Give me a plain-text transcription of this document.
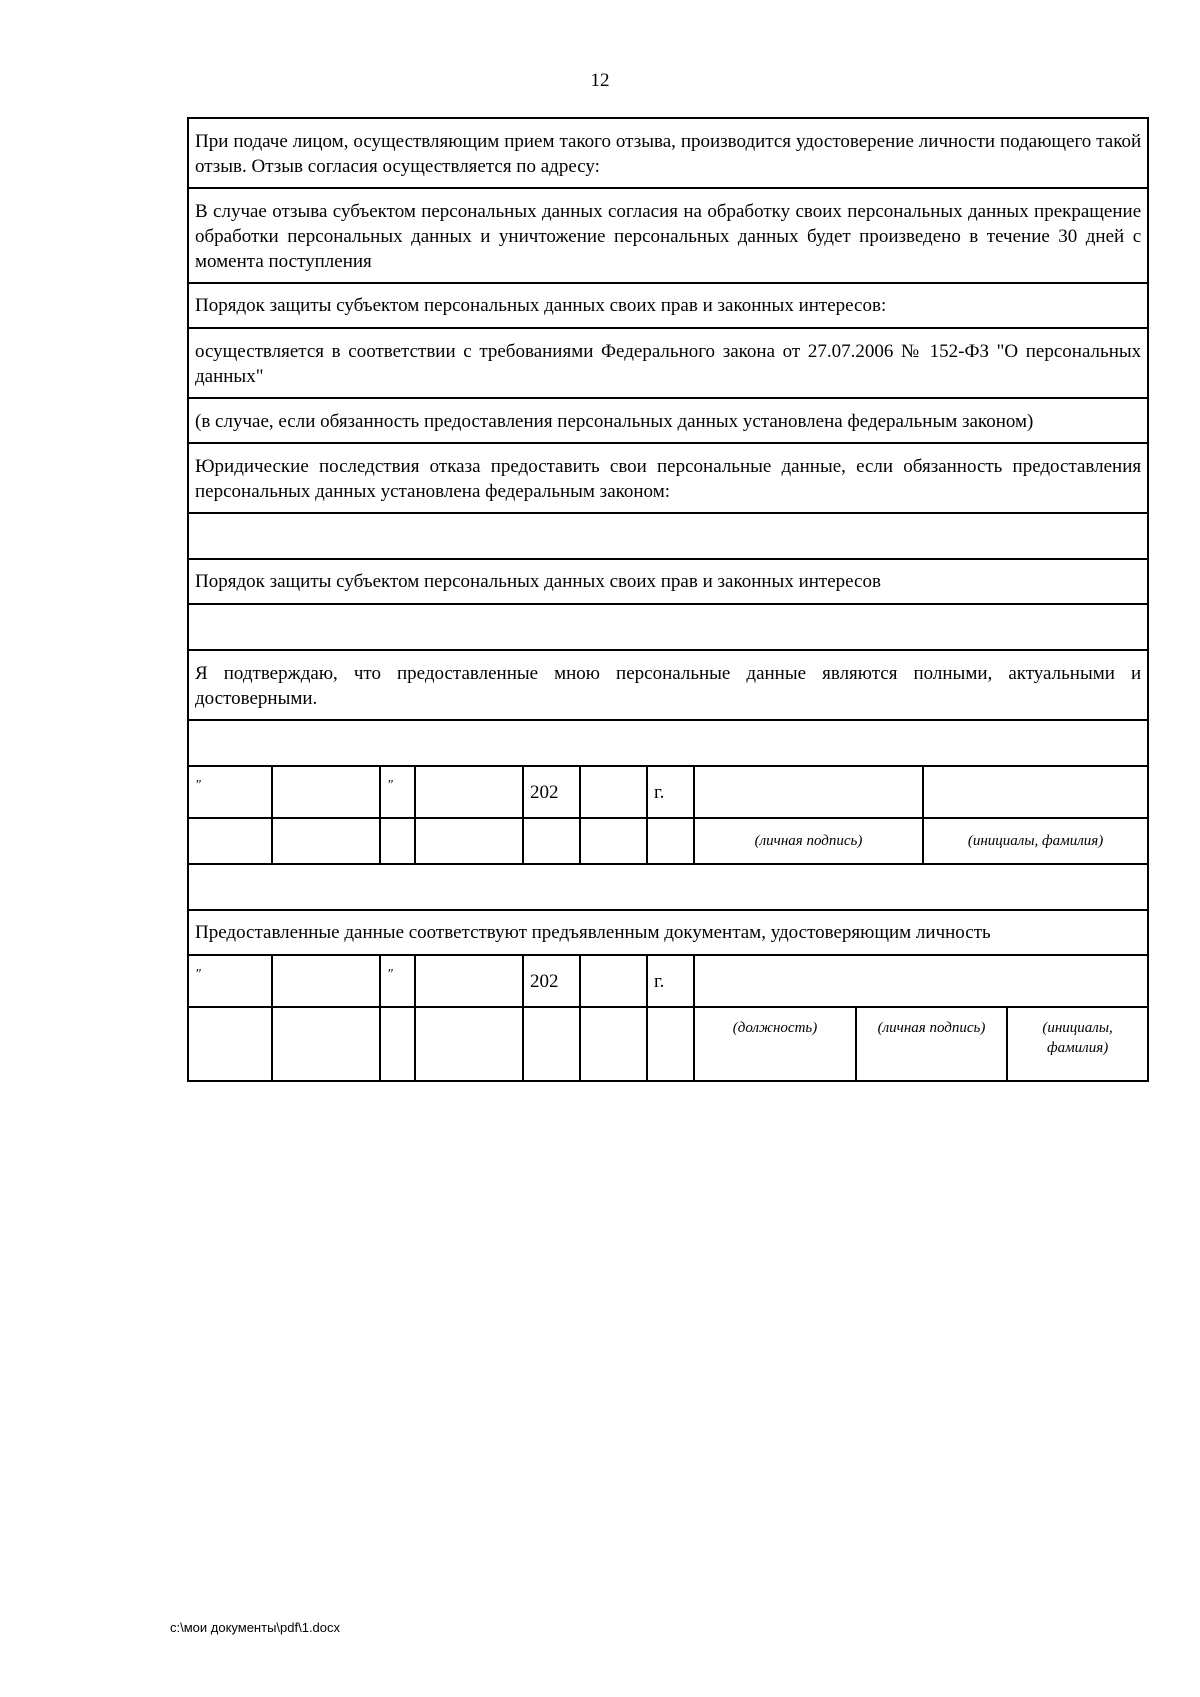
12
При подаче лицом, осуществляющим прием такого отзыва, производится удостоверение личности подающего такой отзыв. Отзыв согласия осуществляется по адресу:										
В случае отзыва субъектом персональных данных согласия на обработку своих персональных данных прекращение обработки персональных данных и уничтожение персональных данных будет произведено в течение 30 дней с момента поступления										
Порядок защиты субъектом персональных данных своих прав и законных интересов:										
осуществляется в соответствии с требованиями Федерального закона от 27.07.2006 № 152-ФЗ "О персональных данных"										
(в случае, если обязанность предоставления персональных данных установлена федеральным законом)										
Юридические последствия отказа предоставить свои персональные данные, если обязанность предоставления персональных данных установлена федеральным законом:										

Порядок защиты субъектом персональных данных своих прав и законных интересов										

Я подтверждаю, что предоставленные мною персональные данные являются полными, актуальными и достоверными.										

"		"		202		г.				
							(личная подпись)		(инициалы, фамилия)	

Предоставленные данные соответствуют предъявленным документам, удостоверяющим личность										
"		"		202		г.				
							(должность)	(личная подпись)		(инициалы, фамилия)
c:\мои документы\pdf\1.docx
